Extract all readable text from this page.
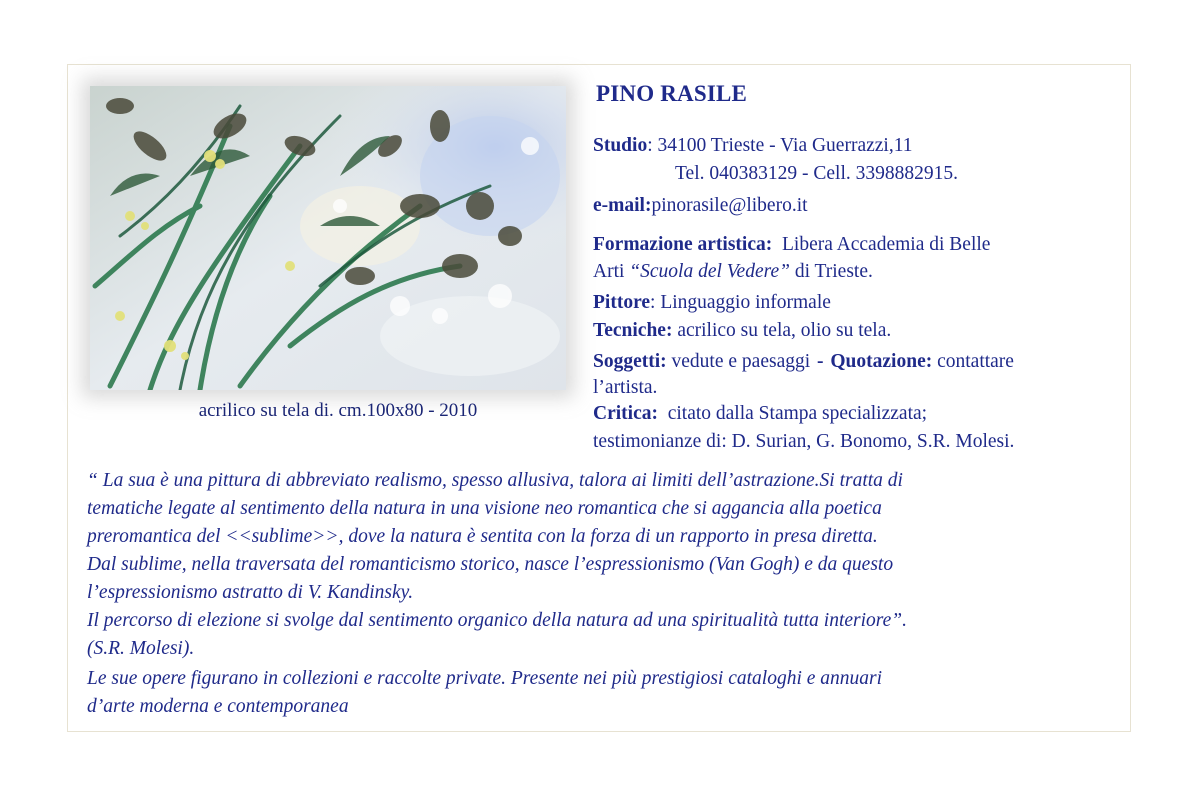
acrilico su tela di. cm.100x80 - 2010
PINO RASILE
Studio: 34100 Trieste - Via Guerrazzi,11
Tel. 040383129 - Cell. 3398882915.
e-mail:pinorasile@libero.it
Formazione artistica: Libera Accademia di Belle
Arti “Scuola del Vedere” di Trieste.
Pittore: Linguaggio informale
Tecniche: acrilico su tela, olio su tela.
Soggetti: vedute e paesaggi - Quotazione: contattare
l’artista.
Critica: citato dalla Stampa specializzata;
testimonianze di: D. Surian, G. Bonomo, S.R. Molesi.
“ La sua è una pittura di abbreviato realismo, spesso allusiva, talora ai limiti dell’astrazione.Si tratta di
tematiche legate al sentimento della natura in una visione neo romantica che si aggancia alla poetica
preromantica del <<sublime>>, dove la natura è sentita con la forza di un rapporto in presa diretta.
Dal sublime, nella traversata del romanticismo storico, nasce l’espressionismo (Van Gogh) e da questo
l’espressionismo astratto di V. Kandinsky.
Il percorso di elezione si svolge dal sentimento organico della natura ad una spiritualità tutta interiore”.
(S.R. Molesi).
Le sue opere figurano in collezioni e raccolte private. Presente nei più prestigiosi cataloghi e annuari
d’arte moderna e contemporanea
